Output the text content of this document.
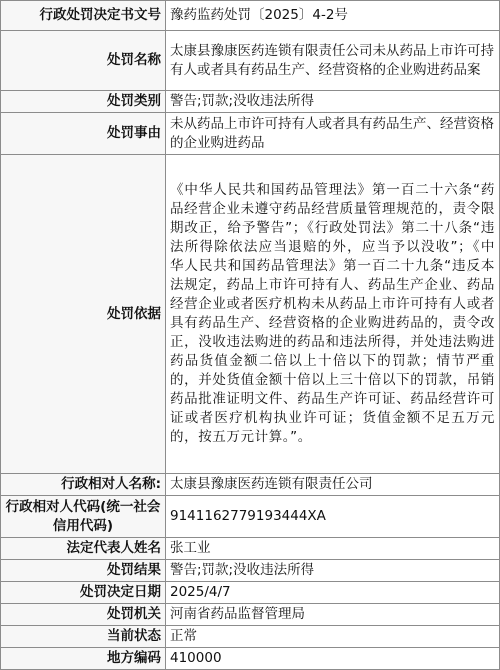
行政处罚决定书文号	豫药监药处罚〔2025〕4-2号
处罚名称	太康县豫康医药连锁有限责任公司未从药品上市许可持有人或者具有药品生产、经营资格的企业购进药品案
处罚类别	警告;罚款;没收违法所得
处罚事由	未从药品上市许可持有人或者具有药品生产、经营资格的企业购进药品
处罚依据	《中华人民共和国药品管理法》第一百二十六条“药品经营企业未遵守药品经营质量管理规范的，责令限期改正，给予警告”；《行政处罚法》第二十八条“违法所得除依法应当退赔的外，应当予以没收”；《中华人民共和国药品管理法》第一百二十九条“违反本法规定，药品上市许可持有人、药品生产企业、药品经营企业或者医疗机构未从药品上市许可持有人或者具有药品生产、经营资格的企业购进药品的，责令改正，没收违法购进的药品和违法所得，并处违法购进药品货值金额二倍以上十倍以下的罚款；情节严重的，并处货值金额十倍以上三十倍以下的罚款，吊销药品批准证明文件、药品生产许可证、药品经营许可证或者医疗机构执业许可证；货值金额不足五万元的，按五万元计算。”。
行政相对人名称:	太康县豫康医药连锁有限责任公司
行政相对人代码(统一社会信用代码)	9141162779193444XA
法定代表人姓名	张工业
处罚结果	警告;罚款;没收违法所得
处罚决定日期	2025/4/7
处罚机关	河南省药品监督管理局
当前状态	正常
地方编码	410000
